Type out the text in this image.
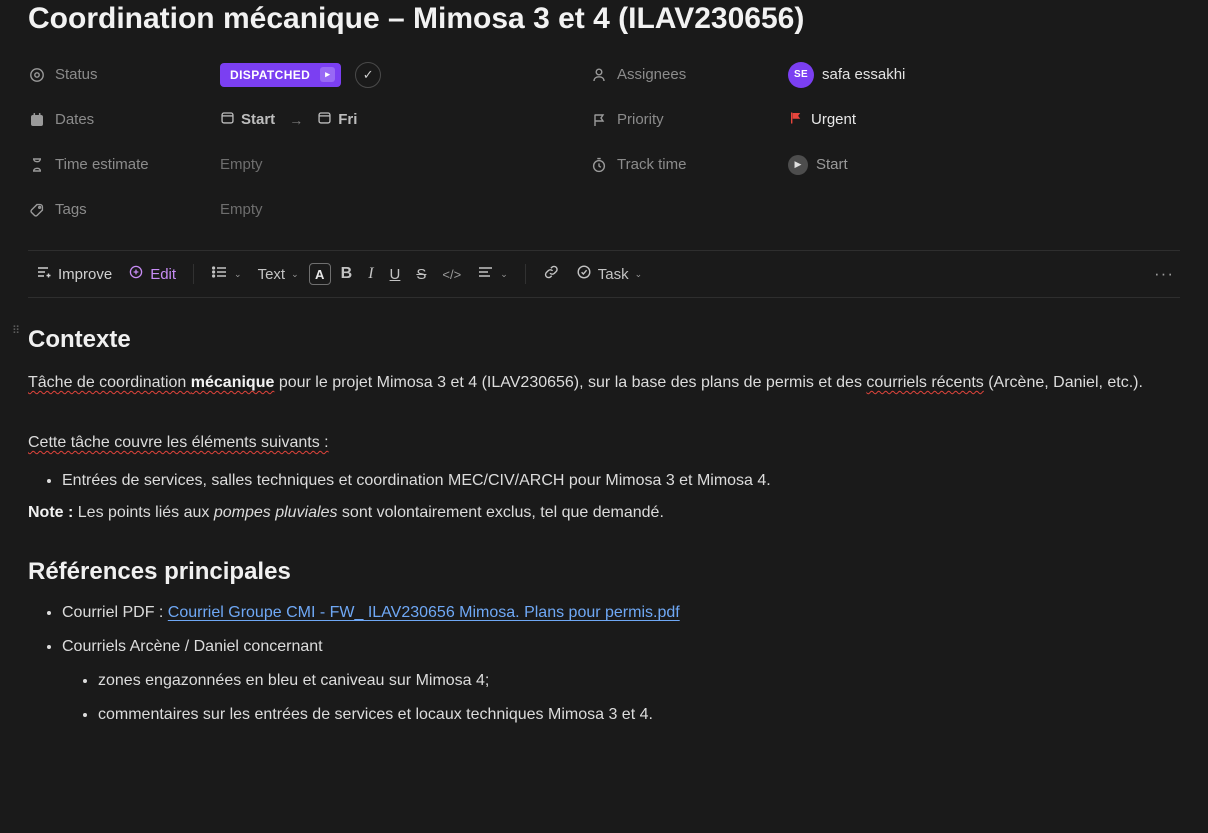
Coordination mécanique – Mimosa 3 et 4 (ILAV230656)
Status	DISPATCHED	▸	✓	Assignees	SE safa essakhi
Dates	Start → Fri	Priority	Urgent
Time estimate	Empty	Track time	▶ Start
Tags	Empty
Improve	Edit	⌄ Text ⌄	A	B	I	U	S	</>	⌄	Task ⌄	···
⠿ Contexte

Tâche de coordination mécanique pour le projet Mimosa 3 et 4 (ILAV230656), sur la base des plans de permis et des courriels récents (Arcène, Daniel, etc.).

Cette tâche couvre les éléments suivants :

• Entrées de services, salles techniques et coordination MEC/CIV/ARCH pour Mimosa 3 et Mimosa 4.

Note : Les points liés aux pompes pluviales sont volontairement exclus, tel que demandé.

Références principales
• Courriel PDF : Courriel Groupe CMI - FW_ ILAV230656 Mimosa. Plans pour permis.pdf
• Courriels Arcène / Daniel concernant
• zones engazonnées en bleu et caniveau sur Mimosa 4;
• commentaires sur les entrées de services et locaux techniques Mimosa 3 et 4.
